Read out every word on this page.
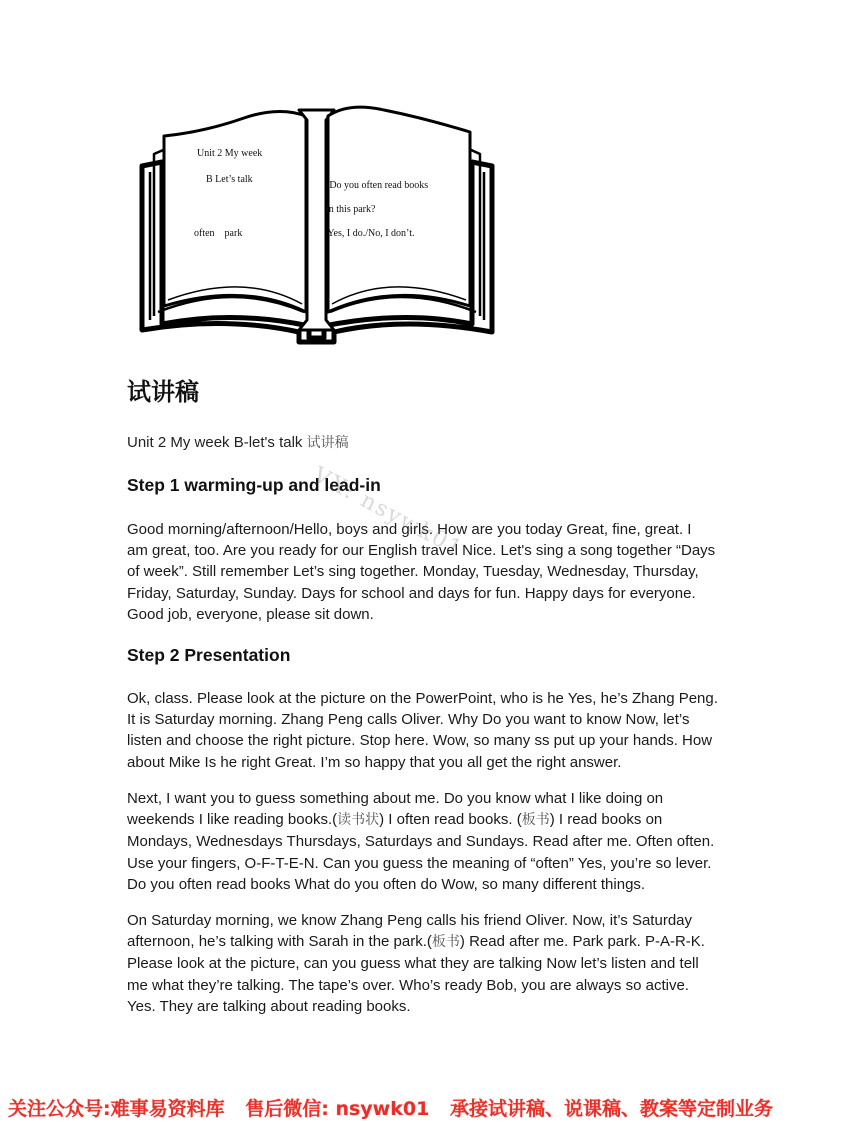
Unit 2 My week
B Let’s talk
often    park
-Do you often read books
in this park?
-Yes, I do./No, I don’t.
试讲稿
Unit 2 My week B-let's talk 试讲稿
Step 1 warming-up and lead-in
Good morning/afternoon/Hello, boys and girls. How are you today Great, fine, great. I
am great, too. Are you ready for our English travel Nice. Let's sing a song together “Days
of week”. Still remember Let’s sing together. Monday, Tuesday, Wednesday, Thursday,
Friday, Saturday, Sunday. Days for school and days for fun. Happy days for everyone.
Good job, everyone, please sit down.
VX: nsywk01
Step 2 Presentation
Ok, class. Please look at the picture on the PowerPoint, who is he Yes, he’s Zhang Peng.
It is Saturday morning. Zhang Peng calls Oliver. Why Do you want to know Now, let’s
listen and choose the right picture. Stop here. Wow, so many ss put up your hands. How
about Mike Is he right Great. I’m so happy that you all get the right answer.
Next, I want you to guess something about me. Do you know what I like doing on
weekends I like reading books.(读书状) I often read books. (板书) I read books on
Mondays, Wednesdays Thursdays, Saturdays and Sundays. Read after me. Often often.
Use your fingers, O-F-T-E-N. Can you guess the meaning of “often” Yes, you’re so lever.
Do you often read books What do you often do Wow, so many different things.
On Saturday morning, we know Zhang Peng calls his friend Oliver. Now, it’s Saturday
afternoon, he’s talking with Sarah in the park.(板书) Read after me. Park park. P-A-R-K.
Please look at the picture, can you guess what they are talking Now let’s listen and tell
me what they’re talking. The tape’s over. Who’s ready Bob, you are always so active.
Yes. They are talking about reading books.
关注公众号:难事易资料库 售后微信: nsywk01 承接试讲稿、说课稿、教案等定制业务
